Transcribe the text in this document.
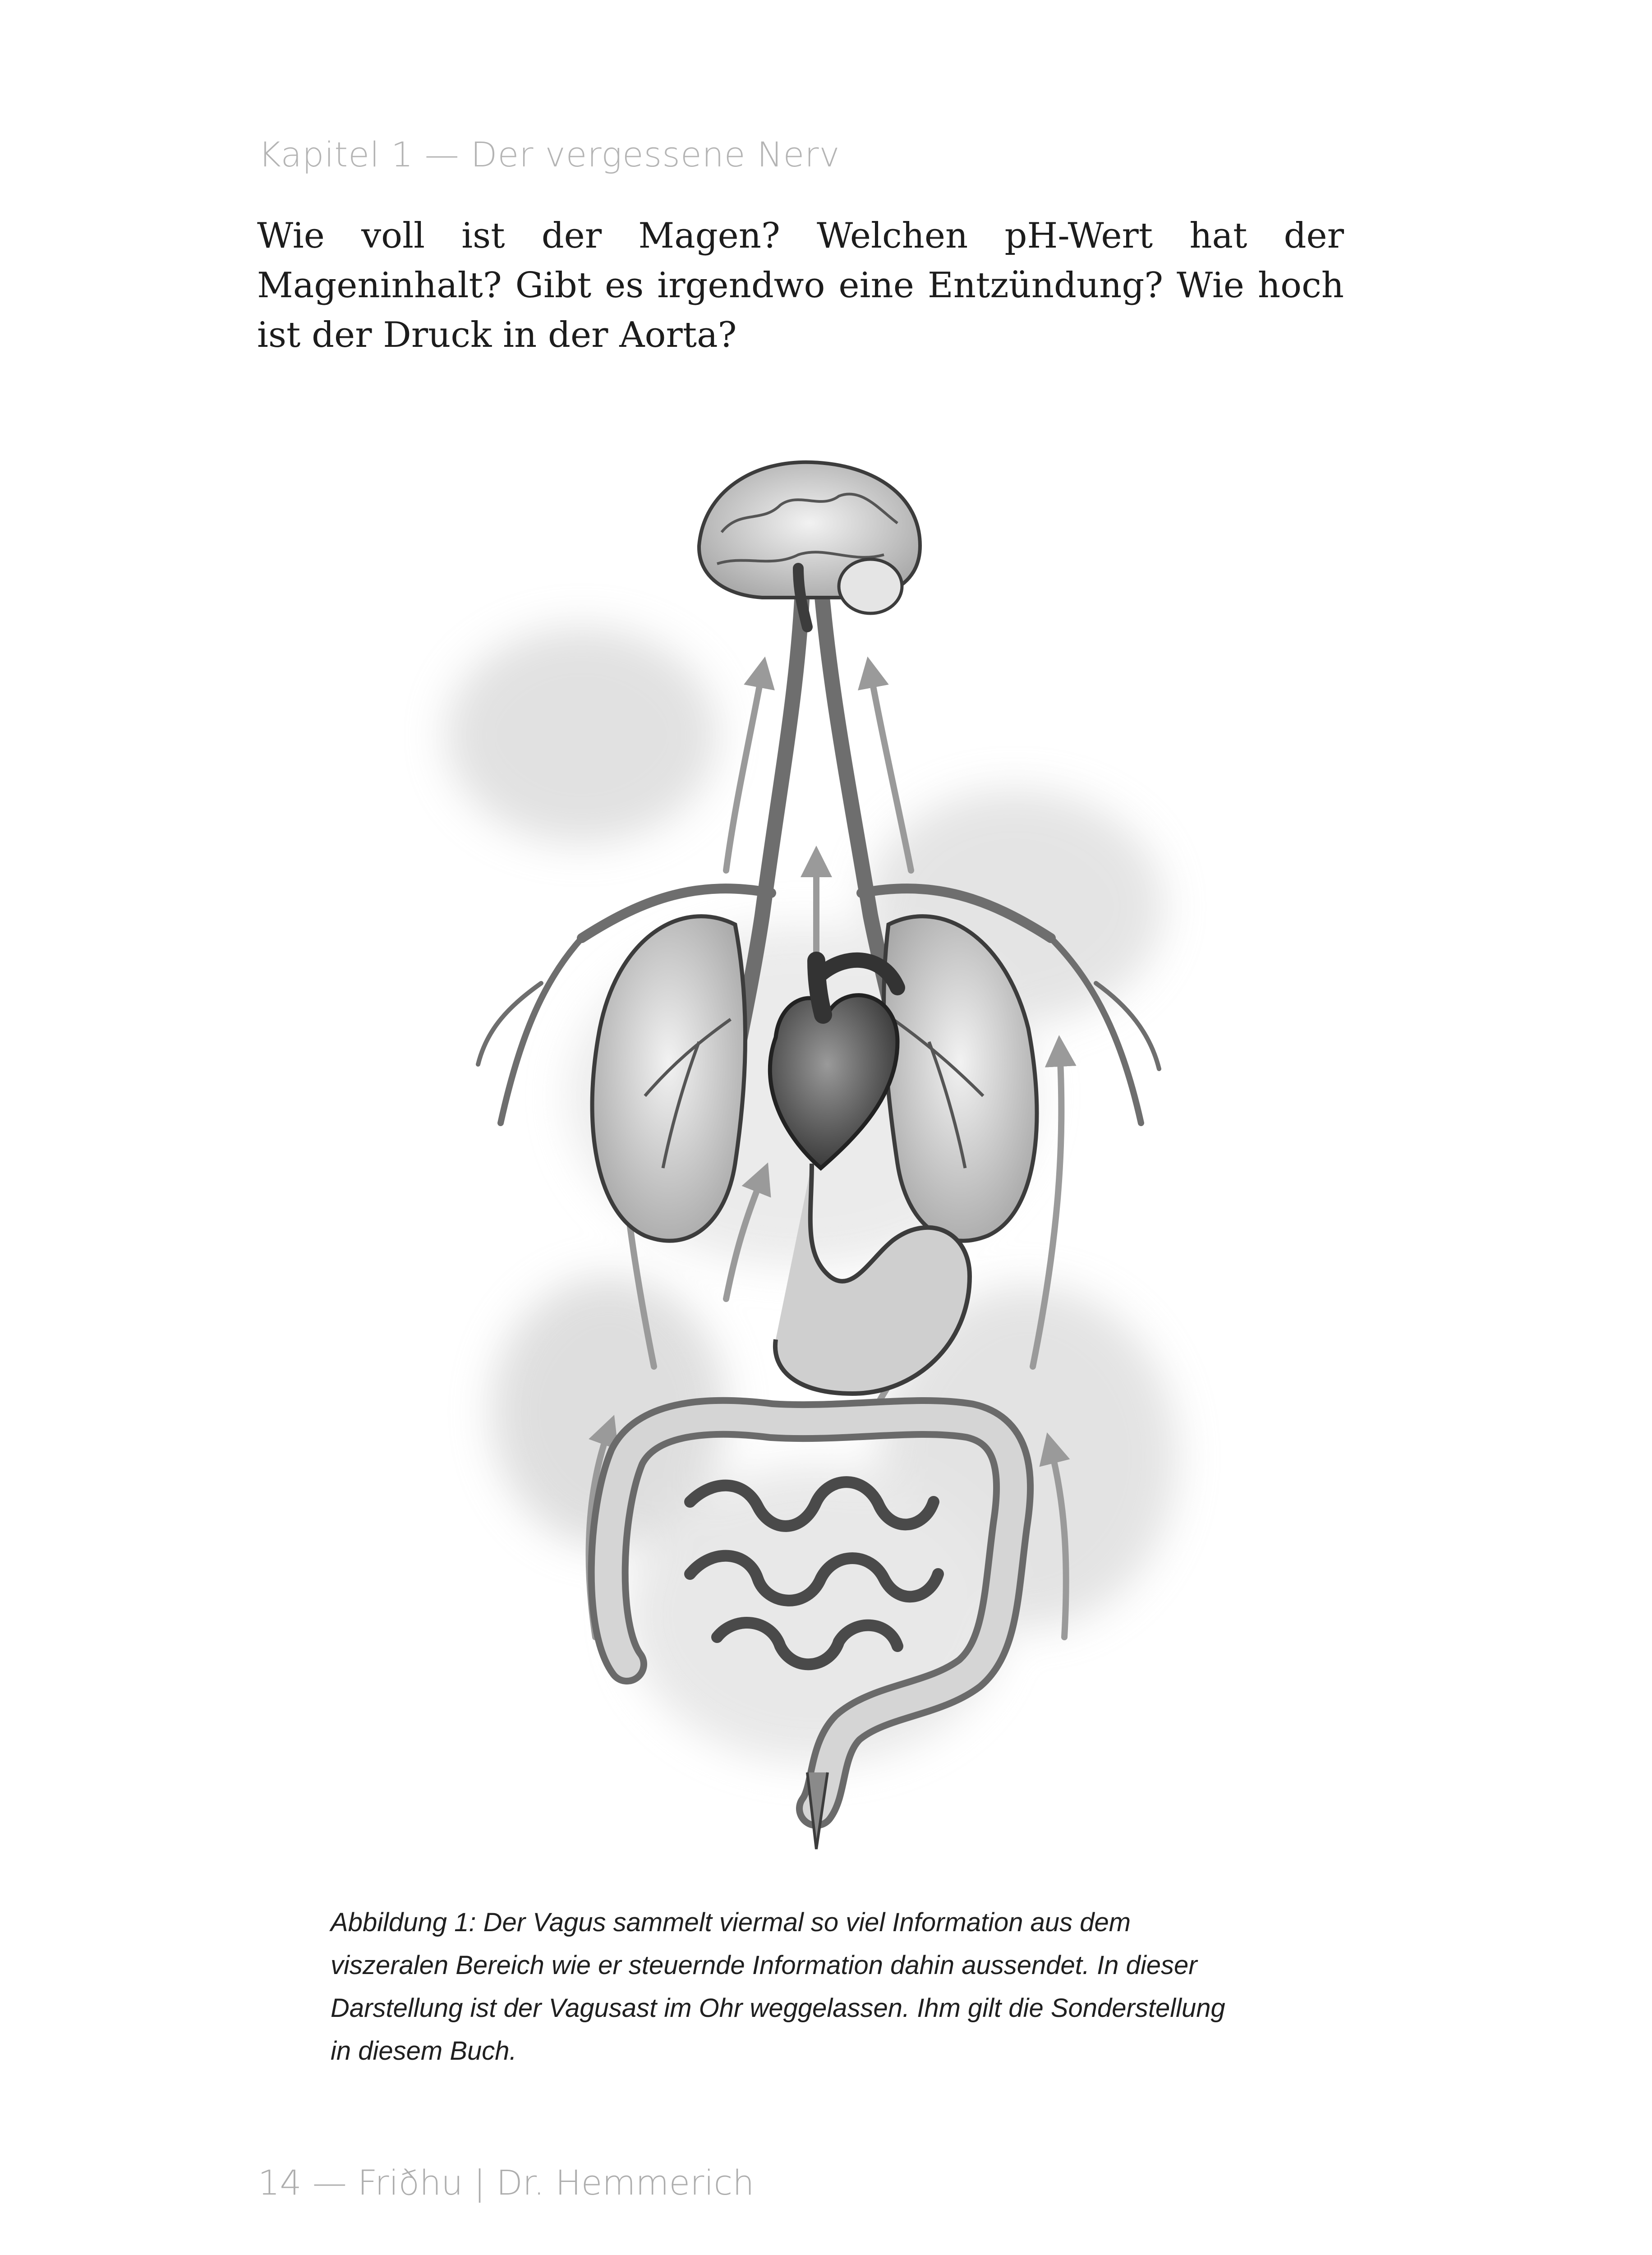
Kapitel 1 — Der vergessene Nerv
Wie voll ist der Magen? Welchen pH-Wert hat der Mageninhalt? Gibt es irgendwo eine Entzündung? Wie hoch ist der Druck in der Aorta?
Abbildung 1: Der Vagus sammelt viermal so viel Information aus dem
viszeralen Bereich wie er steuernde Information dahin aussendet. In dieser
Darstellung ist der Vagusast im Ohr weggelassen. Ihm gilt die Sonderstellung
in diesem Buch.
14 — Friðhu | Dr. Hemmerich
